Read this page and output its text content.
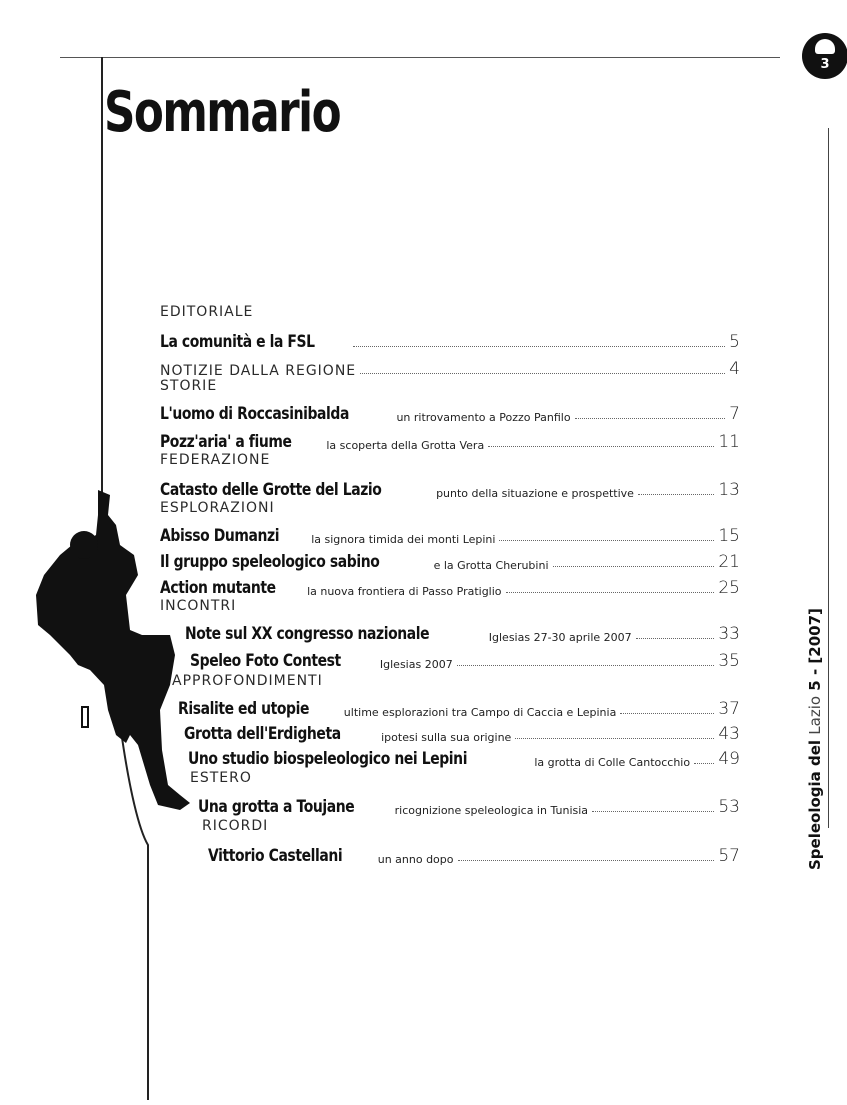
3
Sommario
EDITORIALE
La comunità e la FSL	5
NOTIZIE DALLA REGIONE	4
STORIE
L'uomo di Roccasinibalda	un ritrovamento a Pozzo Panfilo	7
Pozz'aria' a fiume	la scoperta della Grotta Vera	11
FEDERAZIONE
Catasto delle Grotte del Lazio	punto della situazione e prospettive	13
ESPLORAZIONI
Abisso Dumanzi	la signora timida dei monti Lepini	15
Il gruppo speleologico sabino	e la Grotta Cherubini	21
Action mutante	la nuova frontiera di Passo Pratiglio	25
INCONTRI
Note sul XX congresso nazionale	Iglesias 27-30 aprile 2007	33
Speleo Foto Contest	Iglesias 2007	35
APPROFONDIMENTI
Risalite ed utopie	ultime esplorazioni tra Campo di Caccia e Lepinia	37
Grotta dell'Erdigheta	ipotesi sulla sua origine	43
Uno studio biospeleologico nei Lepini	la grotta di Colle Cantocchio 49
ESTERO
Una grotta a Toujane	ricognizione speleologica in Tunisia	53
RICORDI
Vittorio Castellani	un anno dopo	57	Speleologia del Lazio 5 - [2007]
